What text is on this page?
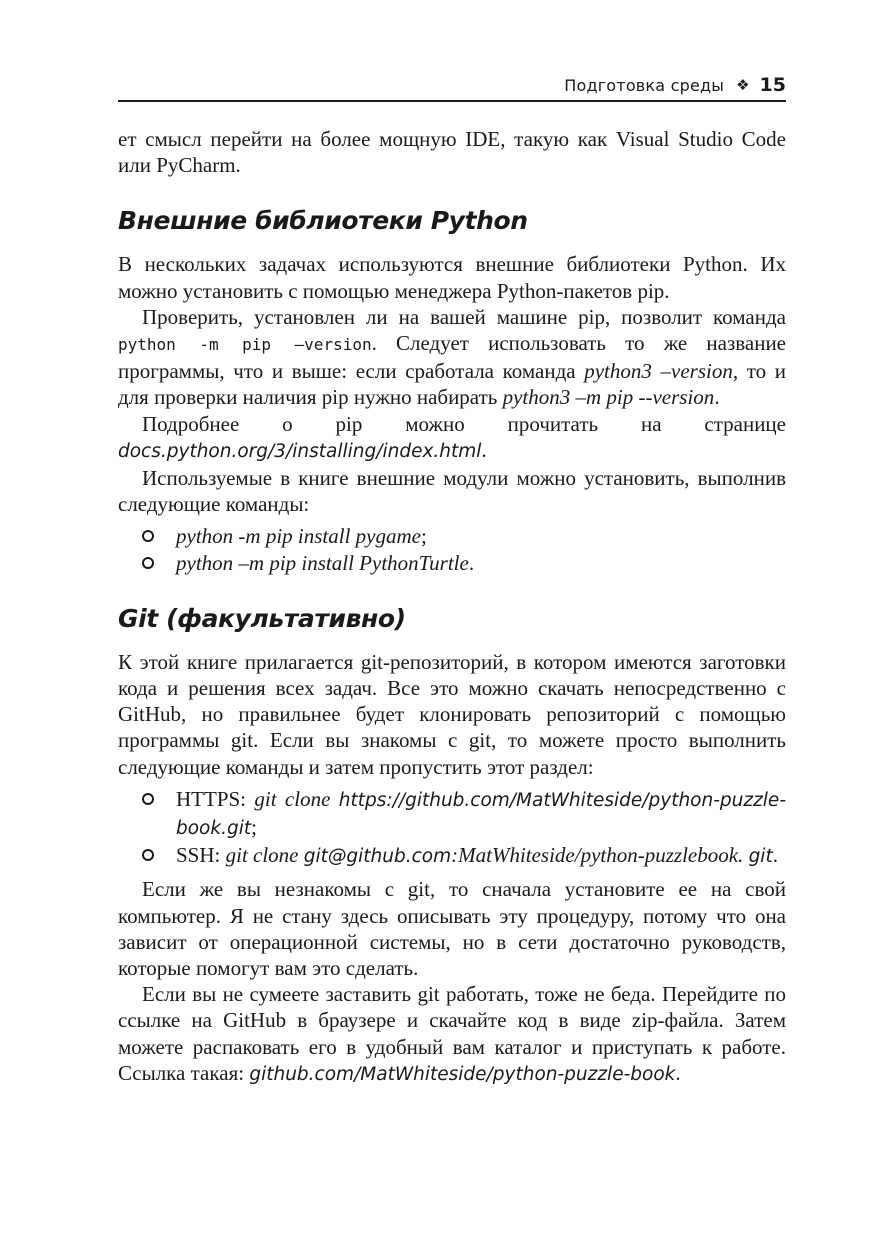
Подготовка среды ❖ 15

ет смысл перейти на более мощную IDE, такую как Visual Studio Code или PyCharm.

Внешние библиотеки Python

В нескольких задачах используются внешние библиотеки Python. Их можно установить с помощью менеджера Python-пакетов pip.

Проверить, установлен ли на вашей машине pip, позволит команда python -m pip –version. Следует использовать то же название программы, что и выше: если сработала команда python3 –version, то и для проверки наличия pip нужно набирать python3 –m pip --version.

Подробнее о pip можно прочитать на странице docs.python.org/3/installing/index.html.

Используемые в книге внешние модули можно установить, выполнив следующие команды:

python -m pip install pygame;
python –m pip install PythonTurtle.
Git (факультативно)

К этой книге прилагается git-репозиторий, в котором имеются заготовки кода и решения всех задач. Все это можно скачать непосредственно с GitHub, но правильнее будет клонировать репозиторий с помощью программы git. Если вы знакомы с git, то можете просто выполнить следующие команды и затем пропустить этот раздел:

HTTPS: git clone https://github.com/MatWhiteside/python-puzzle-book.git;
SSH: git clone git@github.com:MatWhiteside/python-puzzlebook. git.

Если же вы незнакомы с git, то сначала установите ее на свой компьютер. Я не стану здесь описывать эту процедуру, потому что она зависит от операционной системы, но в сети достаточно руководств, которые помогут вам это сделать.

Если вы не сумеете заставить git работать, тоже не беда. Перейдите по ссылке на GitHub в браузере и скачайте код в виде zip-файла. Затем можете распаковать его в удобный вам каталог и приступать к работе. Ссылка такая: github.com/MatWhiteside/python-puzzle-book.
